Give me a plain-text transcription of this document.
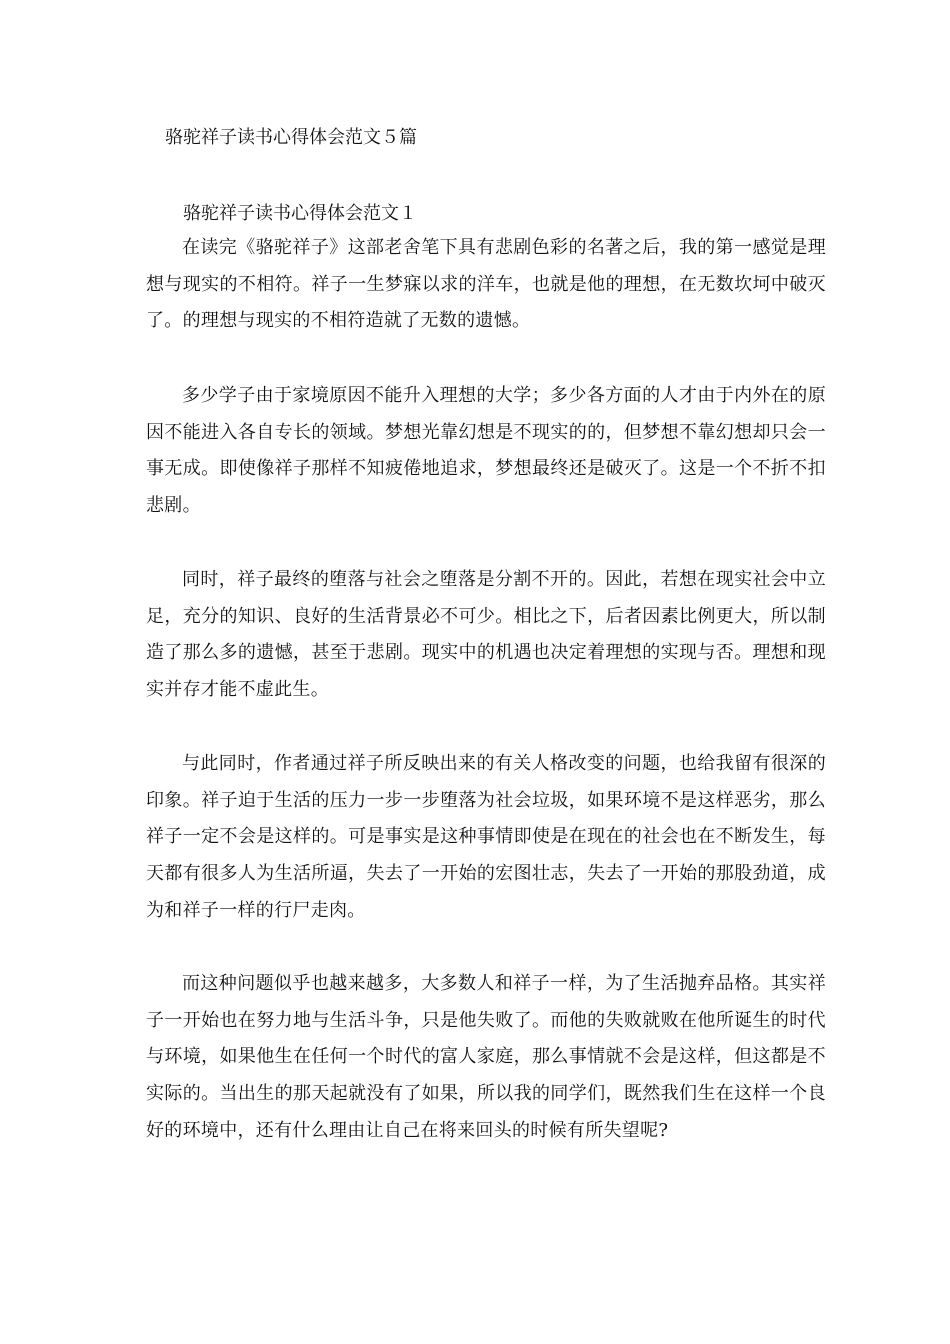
骆驼祥子读书心得体会范文５篇
骆驼祥子读书心得体会范文１

在读完《骆驼祥子》这部老舍笔下具有悲剧色彩的名著之后，我的第一感觉是理想与现实的不相符。祥子一生梦寐以求的洋车，也就是他的理想，在无数坎坷中破灭了。的理想与现实的不相符造就了无数的遗憾。

多少学子由于家境原因不能升入理想的大学；多少各方面的人才由于内外在的原因不能进入各自专长的领域。梦想光靠幻想是不现实的的，但梦想不靠幻想却只会一事无成。即使像祥子那样不知疲倦地追求，梦想最终还是破灭了。这是一个不折不扣悲剧。

同时，祥子最终的堕落与社会之堕落是分割不开的。因此，若想在现实社会中立足，充分的知识、良好的生活背景必不可少。相比之下，后者因素比例更大，所以制造了那么多的遗憾，甚至于悲剧。现实中的机遇也决定着理想的实现与否。理想和现实并存才能不虚此生。

与此同时，作者通过祥子所反映出来的有关人格改变的问题，也给我留有很深的印象。祥子迫于生活的压力一步一步堕落为社会垃圾，如果环境不是这样恶劣，那么祥子一定不会是这样的。可是事实是这种事情即使是在现在的社会也在不断发生，每天都有很多人为生活所逼，失去了一开始的宏图壮志，失去了一开始的那股劲道，成为和祥子一样的行尸走肉。

而这种问题似乎也越来越多，大多数人和祥子一样，为了生活抛弃品格。其实祥子一开始也在努力地与生活斗争，只是他失败了。而他的失败就败在他所诞生的时代与环境，如果他生在任何一个时代的富人家庭，那么事情就不会是这样，但这都是不实际的。当出生的那天起就没有了如果，所以我的同学们，既然我们生在这样一个良好的环境中，还有什么理由让自己在将来回头的时候有所失望呢?
